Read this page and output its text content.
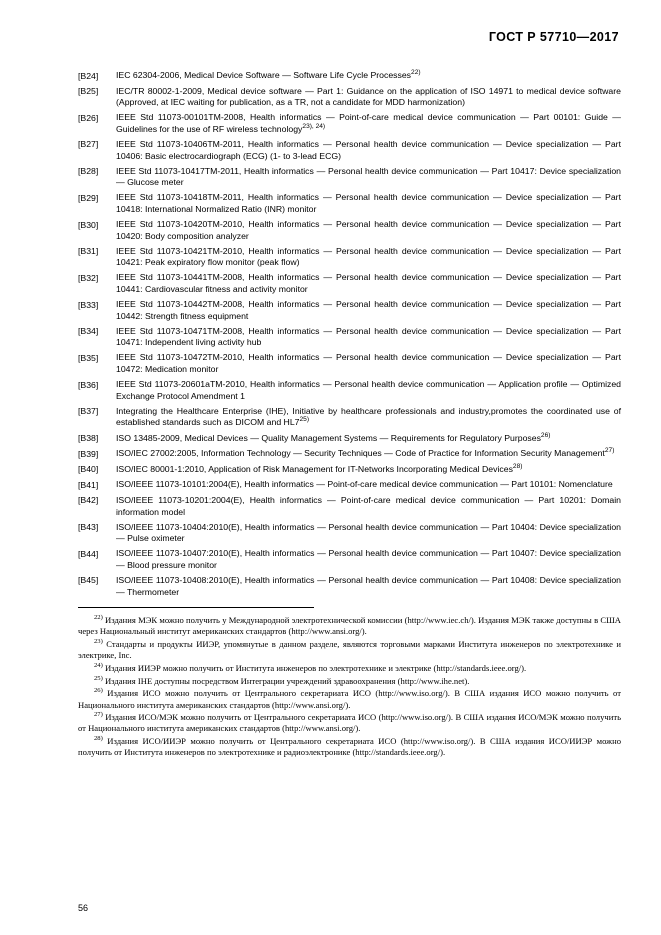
ГОСТ Р 57710—2017
[B24]	IEC 62304-2006, Medical Device Software — Software Life Cycle Processes$^{22)}$
[B25]	IEC/TR 80002-1-2009, Medical device software — Part 1: Guidance on the application of ISO 14971 to medical device software (Approved, at IEC waiting for publication, as a TR, not a candidate for MDD harmonization)
[B26]	IEEE Std 11073-00101TM-2008, Health informatics — Point-of-care medical device communication — Part 00101: Guide — Guidelines for the use of RF wireless technology$^{23), 24)}$
[B27]	IEEE Std 11073-10406TM-2011, Health informatics — Personal health device communication — Device specialization — Part 10406: Basic electrocardiograph (ECG) (1- to 3-lead ECG)
[B28]	IEEE Std 11073-10417TM-2011, Health informatics — Personal health device communication — Part 10417: Device specialization — Glucose meter
[B29]	IEEE Std 11073-10418TM-2011, Health informatics — Personal health device communication — Device specialization — Part 10418: International Normalized Ratio (INR) monitor
[B30]	IEEE Std 11073-10420TM-2010, Health informatics — Personal health device communication — Device specialization — Part 10420: Body composition analyzer
[B31]	IEEE Std 11073-10421TM-2010, Health informatics — Personal health device communication — Device specialization — Part 10421: Peak expiratory flow monitor (peak flow)
[B32]	IEEE Std 11073-10441TM-2008, Health informatics — Personal health device communication — Device specialization — Part 10441: Cardiovascular fitness and activity monitor
[B33]	IEEE Std 11073-10442TM-2008, Health informatics — Personal health device communication — Device specialization — Part 10442: Strength fitness equipment
[B34]	IEEE Std 11073-10471TM-2008, Health informatics — Personal health device communication — Device specialization — Part 10471: Independent living activity hub
[B35]	IEEE Std 11073-10472TM-2010, Health informatics — Personal health device communication — Device specialization — Part 10472: Medication monitor
[B36]	IEEE Std 11073-20601aTM-2010, Health informatics — Personal health device communication — Application profile — Optimized Exchange Protocol Amendment 1
[B37]	Integrating the Healthcare Enterprise (IHE), Initiative by healthcare professionals and industry,promotes the coordinated use of established standards such as DICOM and HL7$^{25)}$
[B38]	ISO 13485-2009, Medical Devices — Quality Management Systems — Requirements for Regulatory Purposes$^{26)}$
[B39]	ISO/IEC 27002:2005, Information Technology — Security Techniques — Code of Practice for Information Security Management$^{27)}$
[B40]	ISO/IEC 80001-1:2010, Application of Risk Management for IT-Networks Incorporating Medical Devices$^{28)}$
[B41]	ISO/IEEE 11073-10101:2004(E), Health informatics — Point-of-care medical device communication — Part 10101: Nomenclature
[B42]	ISO/IEEE 11073-10201:2004(E), Health informatics — Point-of-care medical device communication — Part 10201: Domain information model
[B43]	ISO/IEEE 11073-10404:2010(E), Health informatics — Personal health device communication — Part 10404: Device specialization — Pulse oximeter
[B44]	ISO/IEEE 11073-10407:2010(E), Health informatics — Personal health device communication — Part 10407: Device specialization — Blood pressure monitor
[B45]	ISO/IEEE 11073-10408:2010(E), Health informatics — Personal health device communication — Part 10408: Device specialization — Thermometer
$^{22)}$ Издания МЭК можно получить у Международной электротехнической комиссии (http://www.iec.ch/). Издания МЭК также доступны в США через Национальный институт американских стандартов (http://www.ansi.org/).
$^{23)}$ Стандарты и продукты ИИЭР, упомянутые в данном разделе, являются торговыми марками Института инженеров по электротехнике и электрике, Inc.
$^{24)}$ Издания ИИЭР можно получить от Института инженеров по электротехнике и электрике (http://standards.ieee.org/).
$^{25)}$ Издания IHE доступны посредством Интеграции учреждений здравоохранения (http://www.ihe.net).
$^{26)}$ Издания ИСО можно получить от Центрального секретариата ИСО (http://www.iso.org/). В США издания ИСО можно получить от Национального института американских стандартов (http://www.ansi.org/).
$^{27)}$ Издания ИСО/МЭК можно получить от Центрального секретариата ИСО (http://www.iso.org/). В США издания ИСО/МЭК можно получить от Национального института американских стандартов (http://www.ansi.org/).
$^{28)}$ Издания ИСО/ИИЭР можно получить от Центрального секретариата ИСО (http://www.iso.org/). В США издания ИСО/ИИЭР можно получить от Института инженеров по электротехнике и радиоэлектронике (http://standards.ieee.org/).
56
